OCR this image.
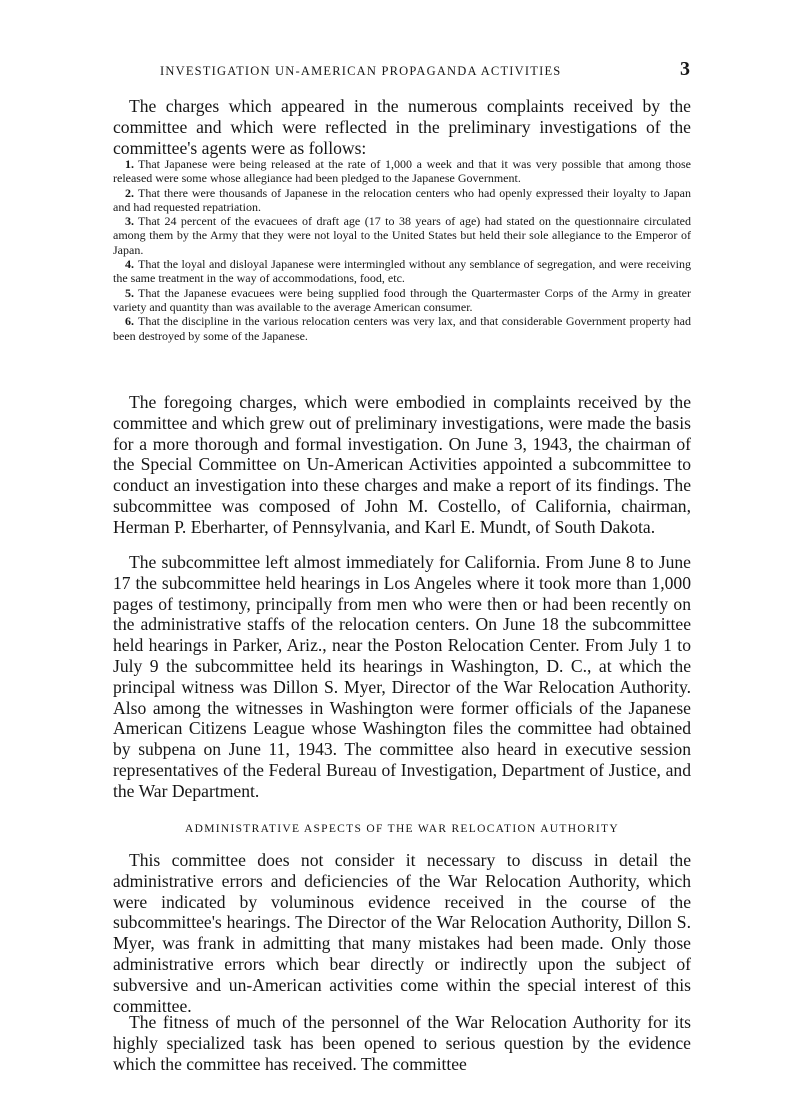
INVESTIGATION UN-AMERICAN PROPAGANDA ACTIVITIES	3

The charges which appeared in the numerous complaints received by the committee and which were reflected in the preliminary investigations of the committee's agents were as follows:

1. That Japanese were being released at the rate of 1,000 a week and that it was very possible that among those released were some whose allegiance had been pledged to the Japanese Government.
2. That there were thousands of Japanese in the relocation centers who had openly expressed their loyalty to Japan and had requested repatriation.
3. That 24 percent of the evacuees of draft age (17 to 38 years of age) had stated on the questionnaire circulated among them by the Army that they were not loyal to the United States but held their sole allegiance to the Emperor of Japan.
4. That the loyal and disloyal Japanese were intermingled without any semblance of segregation, and were receiving the same treatment in the way of accommodations, food, etc.
5. That the Japanese evacuees were being supplied food through the Quartermaster Corps of the Army in greater variety and quantity than was available to the average American consumer.
6. That the discipline in the various relocation centers was very lax, and that considerable Government property had been destroyed by some of the Japanese.

The foregoing charges, which were embodied in complaints received by the committee and which grew out of preliminary investigations, were made the basis for a more thorough and formal investigation. On June 3, 1943, the chairman of the Special Committee on Un-American Activities appointed a subcommittee to conduct an investigation into these charges and make a report of its findings. The subcommittee was composed of John M. Costello, of California, chairman, Herman P. Eberharter, of Pennsylvania, and Karl E. Mundt, of South Dakota.

The subcommittee left almost immediately for California. From June 8 to June 17 the subcommittee held hearings in Los Angeles where it took more than 1,000 pages of testimony, principally from men who were then or had been recently on the administrative staffs of the relocation centers. On June 18 the subcommittee held hearings in Parker, Ariz., near the Poston Relocation Center. From July 1 to July 9 the subcommittee held its hearings in Washington, D. C., at which the principal witness was Dillon S. Myer, Director of the War Relocation Authority. Also among the witnesses in Washington were former officials of the Japanese American Citizens League whose Washington files the committee had obtained by subpena on June 11, 1943. The committee also heard in executive session representatives of the Federal Bureau of Investigation, Department of Justice, and the War Department.

ADMINISTRATIVE ASPECTS OF THE WAR RELOCATION AUTHORITY

This committee does not consider it necessary to discuss in detail the administrative errors and deficiencies of the War Relocation Authority, which were indicated by voluminous evidence received in the course of the subcommittee's hearings. The Director of the War Relocation Authority, Dillon S. Myer, was frank in admitting that many mistakes had been made. Only those administrative errors which bear directly or indirectly upon the subject of subversive and un-American activities come within the special interest of this committee.

The fitness of much of the personnel of the War Relocation Authority for its highly specialized task has been opened to serious question by the evidence which the committee has received. The committee
